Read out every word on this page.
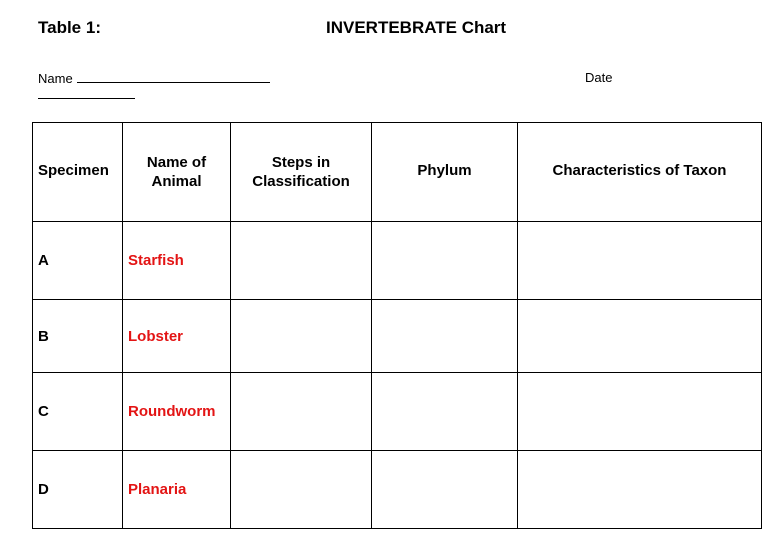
Table 1:	INVERTEBRATE Chart
Name	Date
Specimen	Name of Animal	Steps in Classification	Phylum	Characteristics of Taxon
A	Starfish			
B	Lobster			
C	Roundworm			
D	Planaria			
